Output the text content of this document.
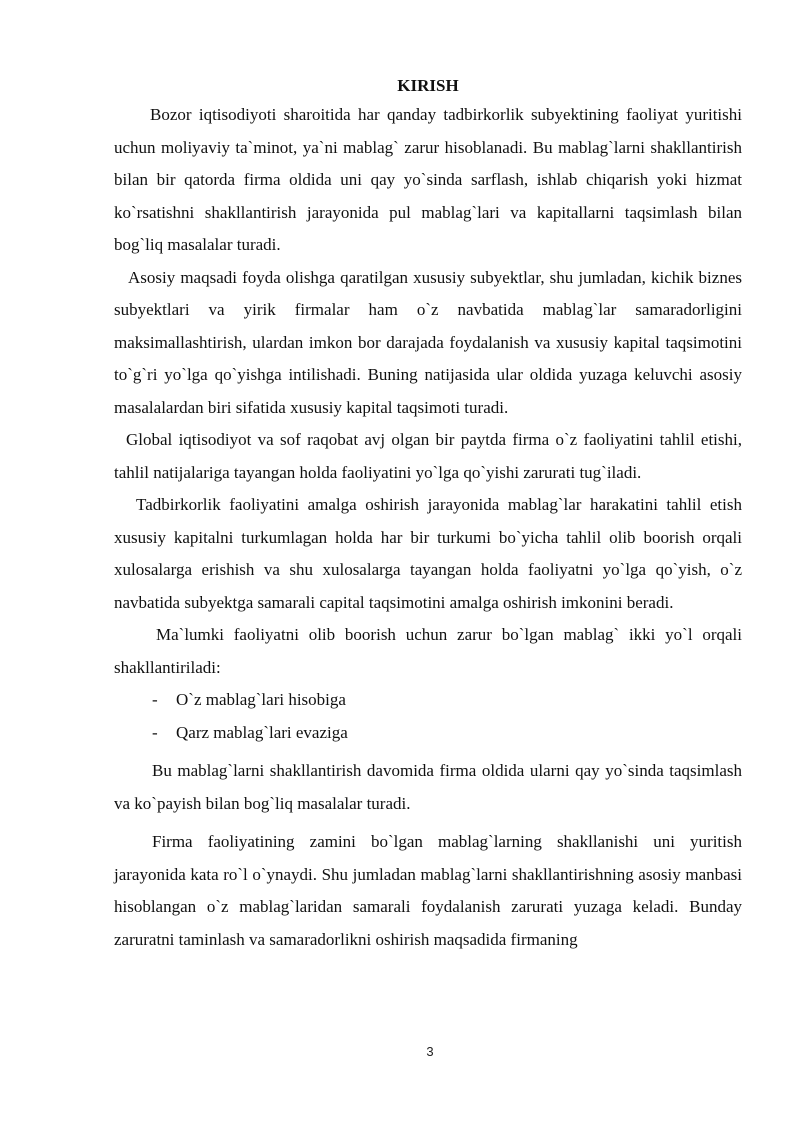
KIRISH

Bozor iqtisodiyoti sharoitida har qanday tadbirkorlik subyektining faoliyat yuritishi uchun moliyaviy ta`minot, ya`ni mablag` zarur hisoblanadi. Bu mablag`larni shakllantirish bilan bir qatorda firma oldida uni qay yo`sinda sarflash, ishlab chiqarish yoki hizmat ko`rsatishni shakllantirish jarayonida pul mablag`lari va kapitallarni taqsimlash bilan bog`liq masalalar turadi.

Asosiy maqsadi foyda olishga qaratilgan xususiy subyektlar, shu jumladan, kichik biznes subyektlari va yirik firmalar ham o`z navbatida mablag`lar samaradorligini maksimallashtirish, ulardan imkon bor darajada foydalanish va xususiy kapital taqsimotini to`g`ri yo`lga qo`yishga intilishadi. Buning natijasida ular oldida yuzaga keluvchi asosiy masalalardan biri sifatida xususiy kapital taqsimoti turadi.

Global iqtisodiyot va sof raqobat avj olgan bir paytda firma o`z faoliyatini tahlil etishi, tahlil natijalariga tayangan holda faoliyatini yo`lga qo`yishi zarurati tug`iladi.

Tadbirkorlik faoliyatini amalga oshirish jarayonida mablag`lar harakatini tahlil etish xususiy kapitalni turkumlagan holda har bir turkumi bo`yicha tahlil olib boorish orqali xulosalarga erishish va shu xulosalarga tayangan holda faoliyatni yo`lga qo`yish, o`z navbatida subyektga samarali capital taqsimotini amalga oshirish imkonini beradi.

Ma`lumki faoliyatni olib boorish uchun zarur bo`lgan mablag` ikki yo`l orqali shakllantiriladi:

- O`z mablag`lari hisobiga
- Qarz mablag`lari evaziga

Bu mablag`larni shakllantirish davomida firma oldida ularni qay yo`sinda taqsimlash va ko`payish bilan bog`liq masalalar turadi.

Firma faoliyatining zamini bo`lgan mablag`larning shakllanishi uni yuritish jarayonida kata ro`l o`ynaydi. Shu jumladan mablag`larni shakllantirishning asosiy manbasi hisoblangan o`z mablag`laridan samarali foydalanish zarurati yuzaga keladi. Bunday zaruratni taminlash va samaradorlikni oshirish maqsadida firmaning

3
